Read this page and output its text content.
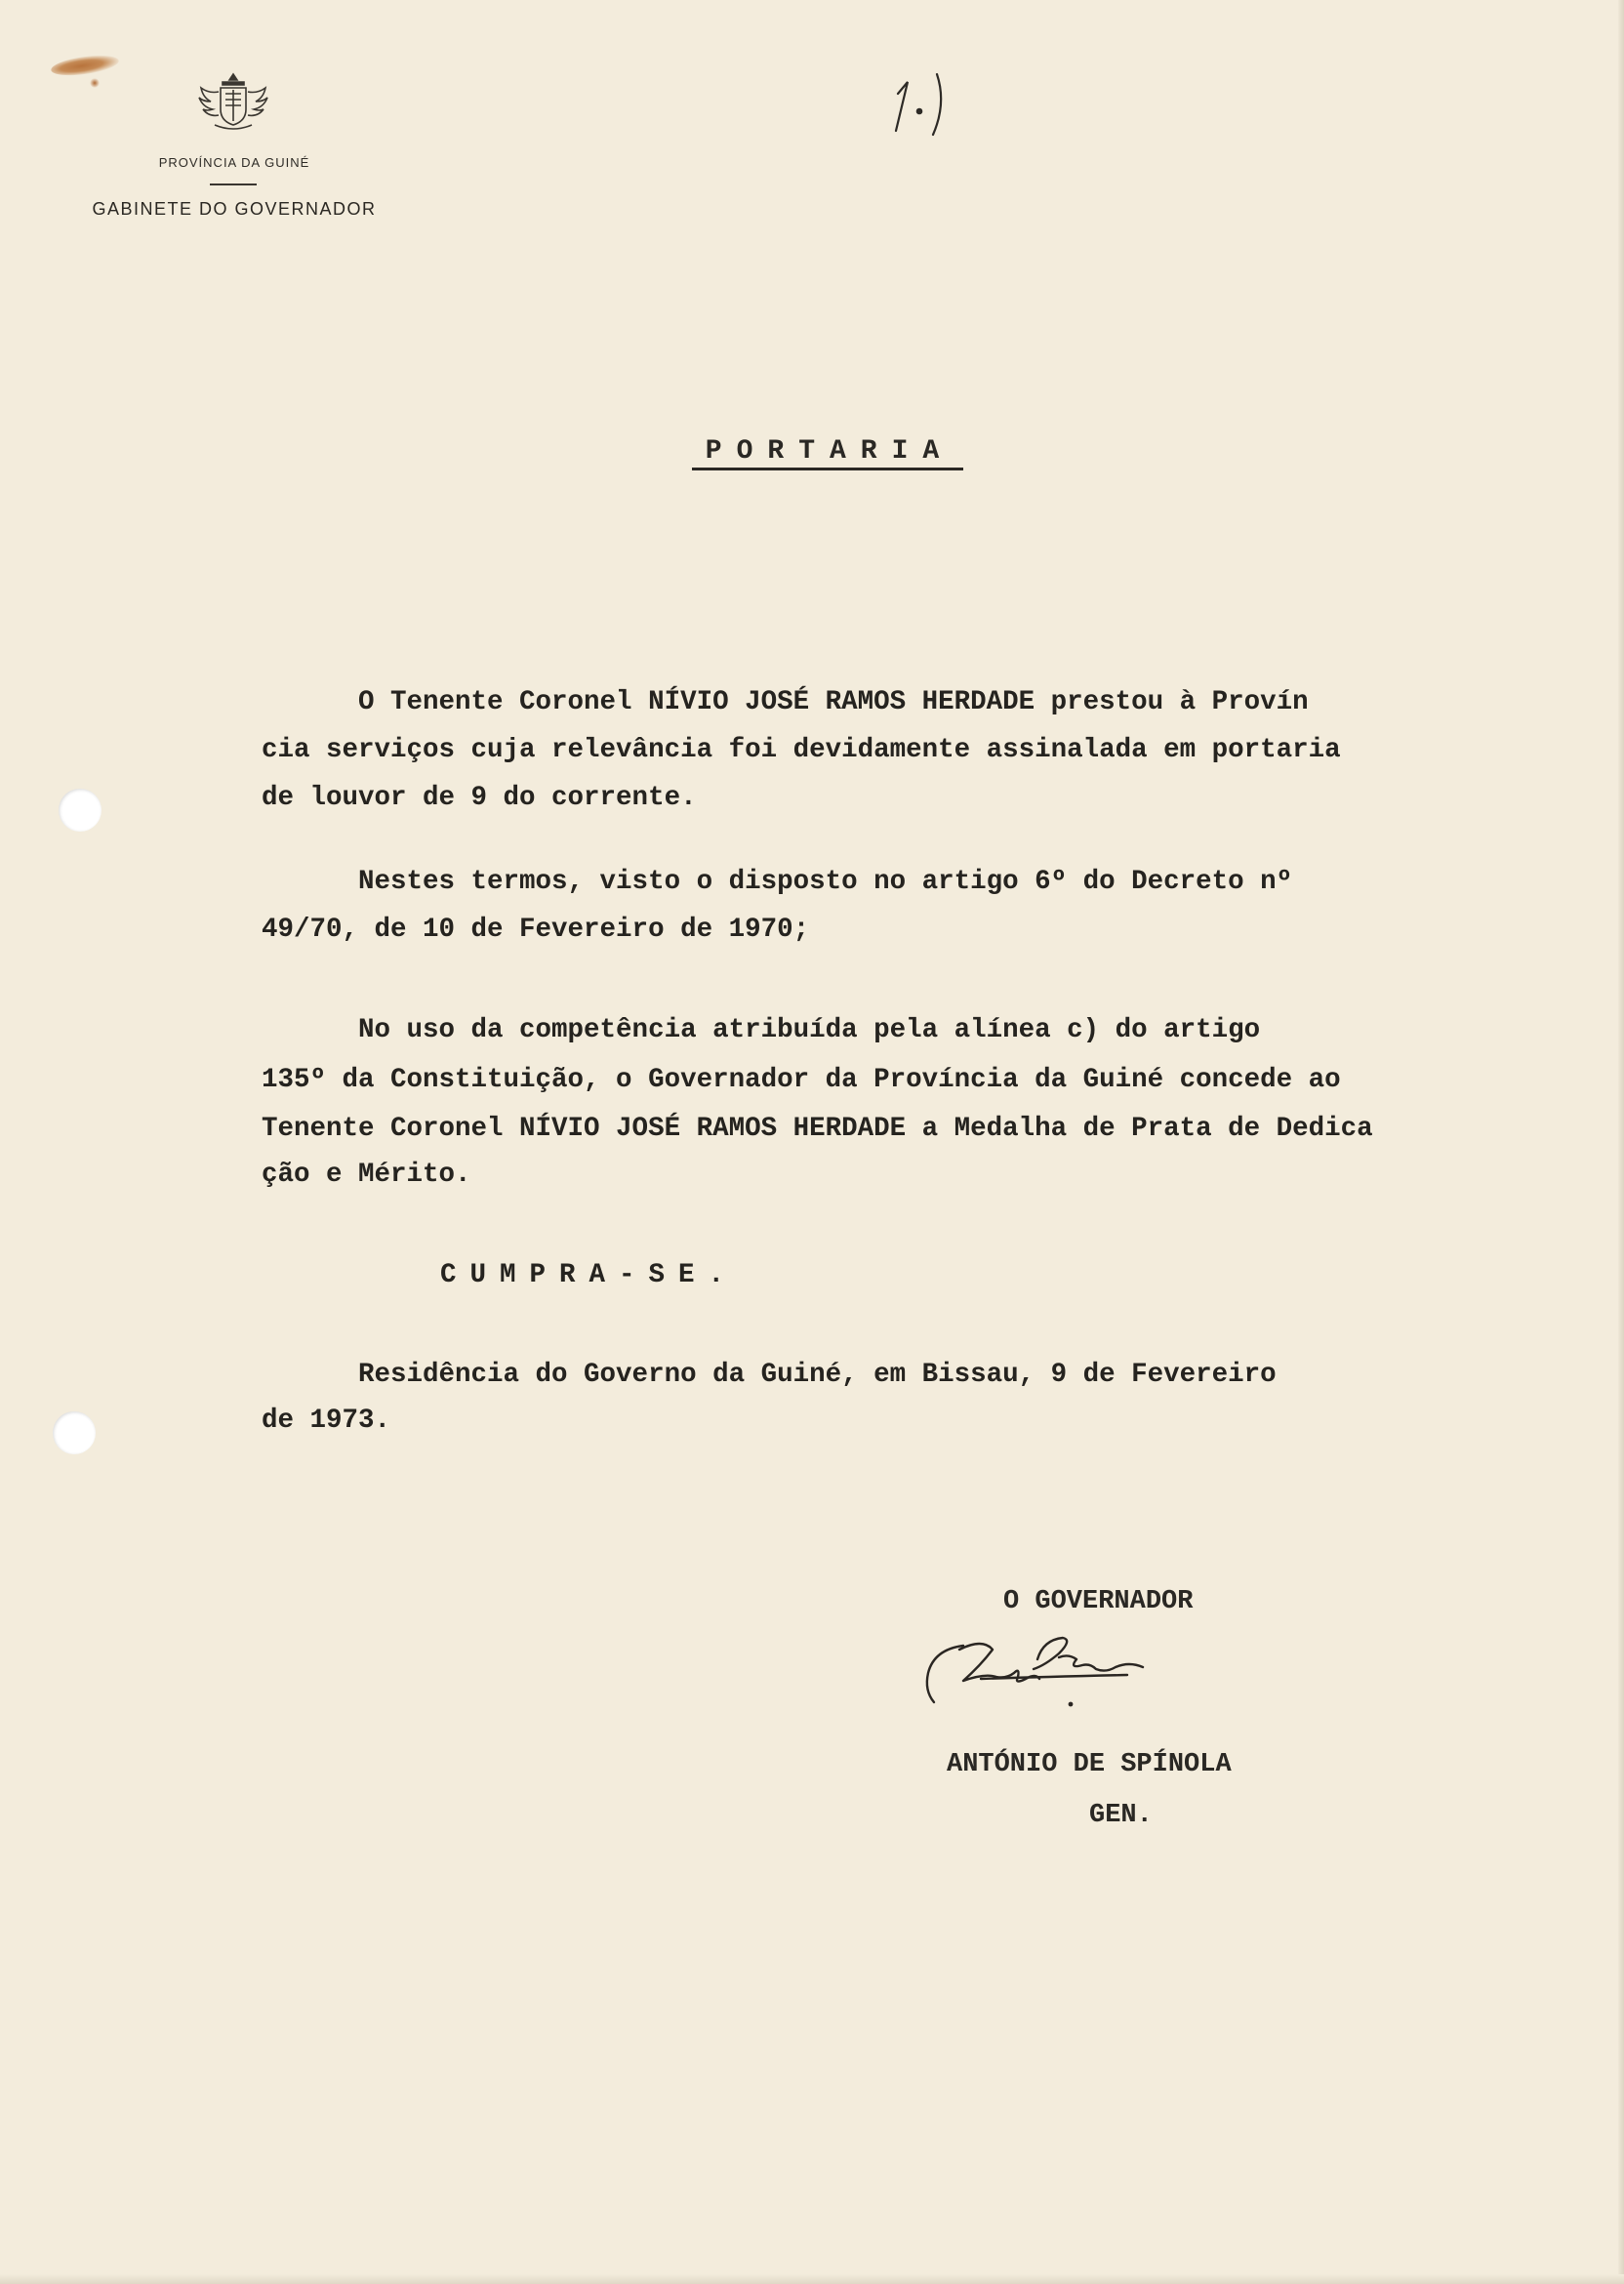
PROVÍNCIA DA GUINÉ
GABINETE DO GOVERNADOR
PORTARIA
O Tenente Coronel NÍVIO JOSÉ RAMOS HERDADE prestou à Provín
cia serviços cuja relevância foi devidamente assinalada em portaria
de louvor de 9 do corrente.
Nestes termos, visto o disposto no artigo 6º do Decreto nº
49/70, de 10 de Fevereiro de 1970;
No uso da competência atribuída pela alínea c) do artigo
135º da Constituição, o Governador da Província da Guiné concede ao
Tenente Coronel NÍVIO JOSÉ RAMOS HERDADE a Medalha de Prata de Dedica
ção e Mérito.
CUMPRA-SE.
Residência do Governo da Guiné, em Bissau, 9 de Fevereiro
de 1973.
O GOVERNADOR
ANTÓNIO DE SPÍNOLA
GEN.
